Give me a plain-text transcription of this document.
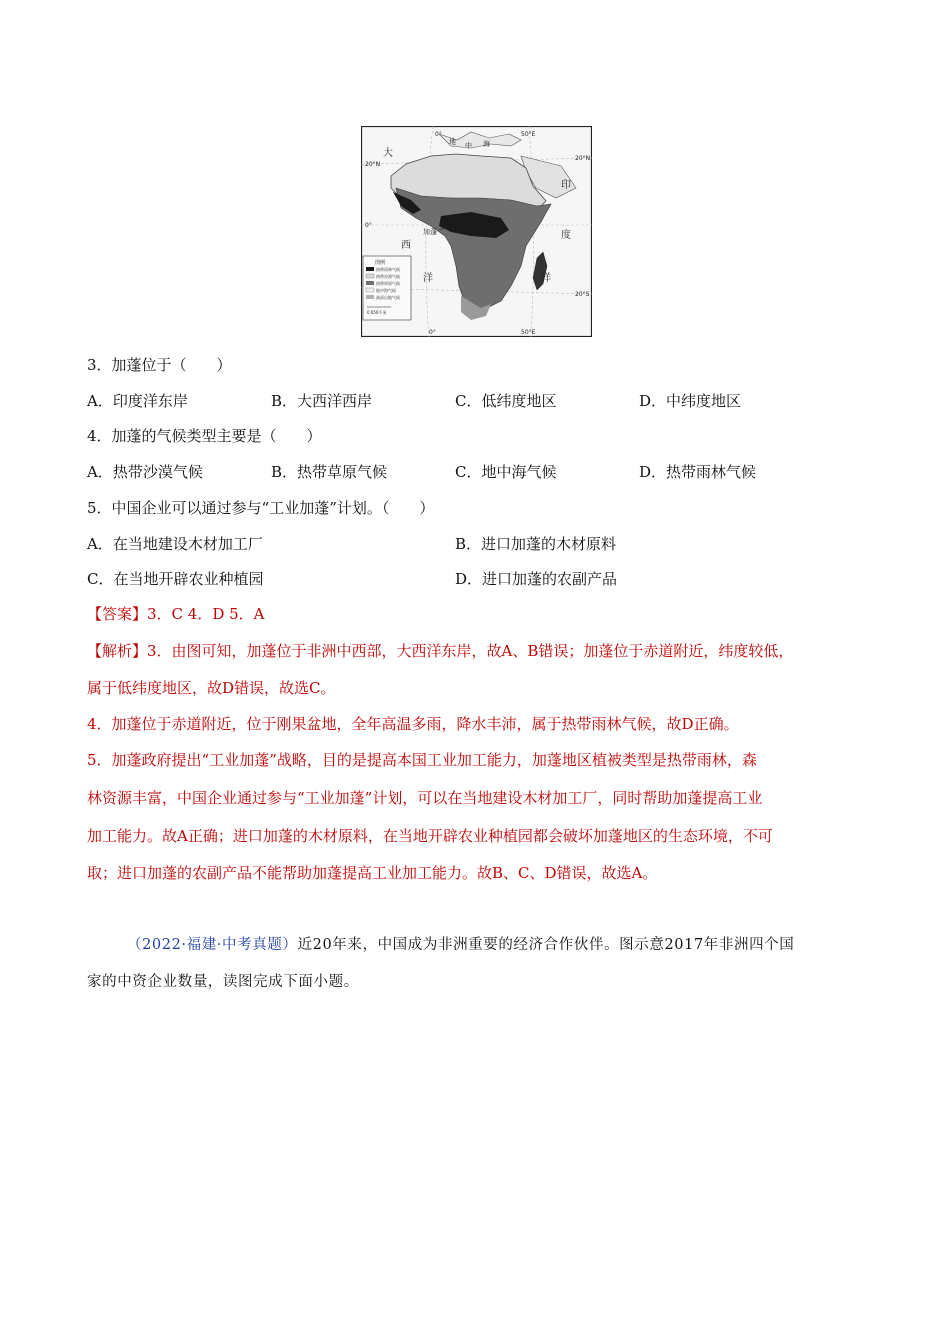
0°	50°E
20°N
20°N
0°
20°S
0°	50°E
大
西
洋
印
度
洋
地 中 海
加蓬
图例
热带雨林气候
热带沙漠气候
热带草原气候
地中海气候
高原山地气候
0 650千米
3．加蓬位于（　　）
A．印度洋东岸	B．大西洋西岸	C．低纬度地区	D．中纬度地区
4．加蓬的气候类型主要是（　　）
A．热带沙漠气候	B．热带草原气候	C．地中海气候	D．热带雨林气候
5．中国企业可以通过参与“工业加蓬”计划。（　　）
A．在当地建设木材加工厂	B．进口加蓬的木材原料
C．在当地开辟农业种植园	D．进口加蓬的农副产品
【答案】3．C 4．D 5．A
【解析】3．由图可知，加蓬位于非洲中西部，大西洋东岸，故A、B错误；加蓬位于赤道附近，纬度较低，
属于低纬度地区，故D错误，故选C。
4．加蓬位于赤道附近，位于刚果盆地，全年高温多雨，降水丰沛，属于热带雨林气候，故D正确。
5．加蓬政府提出“工业加蓬”战略，目的是提高本国工业加工能力，加蓬地区植被类型是热带雨林，森
林资源丰富，中国企业通过参与“工业加蓬”计划，可以在当地建设木材加工厂，同时帮助加蓬提高工业
加工能力。故A正确；进口加蓬的木材原料，在当地开辟农业种植园都会破坏加蓬地区的生态环境，不可
取；进口加蓬的农副产品不能帮助加蓬提高工业加工能力。故B、C、D错误，故选A。
（2022·福建·中考真题）近20年来，中国成为非洲重要的经济合作伙伴。图示意2017年非洲四个国
家的中资企业数量，读图完成下面小题。
